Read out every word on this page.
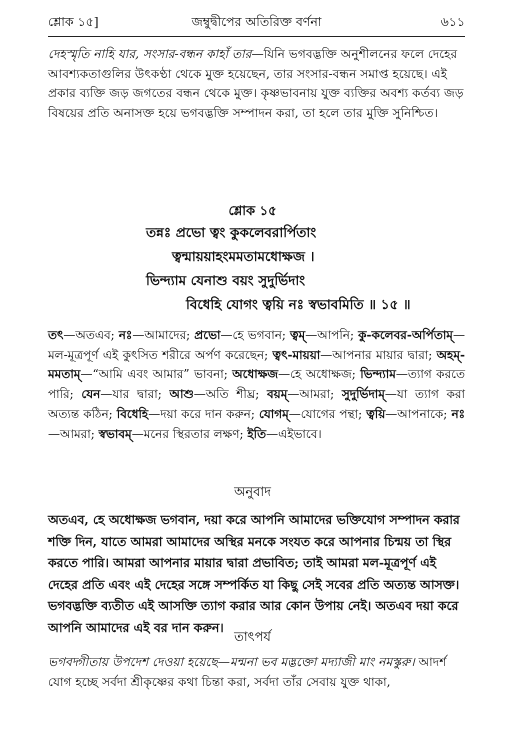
শ্লোক ১৫]	জম্বুদ্বীপের অতিরিক্ত বর্ণনা	৬১১

দেহস্মৃতি নাহি যার, সংসার-বন্ধন কাহাঁ তার—যিনি ভগবদ্ভক্তি অনুশীলনের ফলে দেহের আবশ্যকতাগুলির উৎকণ্ঠা থেকে মুক্ত হয়েছেন, তার সংসার-বন্ধন সমাপ্ত হয়েছে। এই প্রকার ব্যক্তি জড় জগতের বন্ধন থেকে মুক্ত। কৃষ্ণভাবনায় যুক্ত ব্যক্তির অবশ্য কর্তব্য জড় বিষয়ের প্রতি অনাসক্ত হয়ে ভগবদ্ভক্তি সম্পাদন করা, তা হলে তার মুক্তি সুনিশ্চিত।

শ্লোক ১৫
তন্নঃ প্রভো ত্বং কুকলেবরার্পিতাং
ত্বন্মায়য়াহংমমতামধোক্ষজ ।
ভিন্দ্যাম যেনাশু বয়ং সুদুর্ভিদাং
বিধেহি যোগং ত্বয়ি নঃ স্বভাবমিতি ॥ ১৫ ॥

তৎ—অতএব; নঃ—আমাদের; প্রভো—হে ভগবান; ত্বম্—আপনি; কু-কলেবর-অর্পিতাম্—মল-মূত্রপূর্ণ এই কুৎসিত শরীরে অর্পণ করেছেন; ত্বৎ-মায়য়া—আপনার মায়ার দ্বারা; অহম্-মমতাম্—“আমি এবং আমার” ভাবনা; অধোক্ষজ—হে অধোক্ষজ; ভিন্দ্যাম—ত্যাগ করতে পারি; যেন—যার দ্বারা; আশু—অতি শীঘ্র; বয়ম্—আমরা; সুদুর্ভিদাম্—যা ত্যাগ করা অত্যন্ত কঠিন; বিধেহি—দয়া করে দান করুন; যোগম্—যোগের পন্থা; ত্বয়ি—আপনাকে; নঃ—আমরা; স্বভাবম্—মনের স্থিরতার লক্ষণ; ইতি—এইভাবে।

অনুবাদ

অতএব, হে অধোক্ষজ ভগবান, দয়া করে আপনি আমাদের ভক্তিযোগ সম্পাদন করার শক্তি দিন, যাতে আমরা আমাদের অস্থির মনকে সংযত করে আপনার চিন্ময় তা স্থির করতে পারি। আমরা আপনার মায়ার দ্বারা প্রভাবিত; তাই আমরা মল-মূত্রপূর্ণ এই দেহের প্রতি এবং এই দেহের সঙ্গে সম্পর্কিত যা কিছু সেই সবের প্রতি অত্যন্ত আসক্ত। ভগবদ্ভক্তি ব্যতীত এই আসক্তি ত্যাগ করার আর কোন উপায় নেই। অতএব দয়া করে আপনি আমাদের এই বর দান করুন।

তাৎপর্য

ভগবদ্গীতায় উপদেশ দেওয়া হয়েছে—মন্মনা ভব মদ্ভক্তো মদ্যাজী মাং নমস্কুরু। আদর্শ যোগ হচ্ছে সর্বদা শ্রীকৃষ্ণের কথা চিন্তা করা, সর্বদা তাঁর সেবায় যুক্ত থাকা,
